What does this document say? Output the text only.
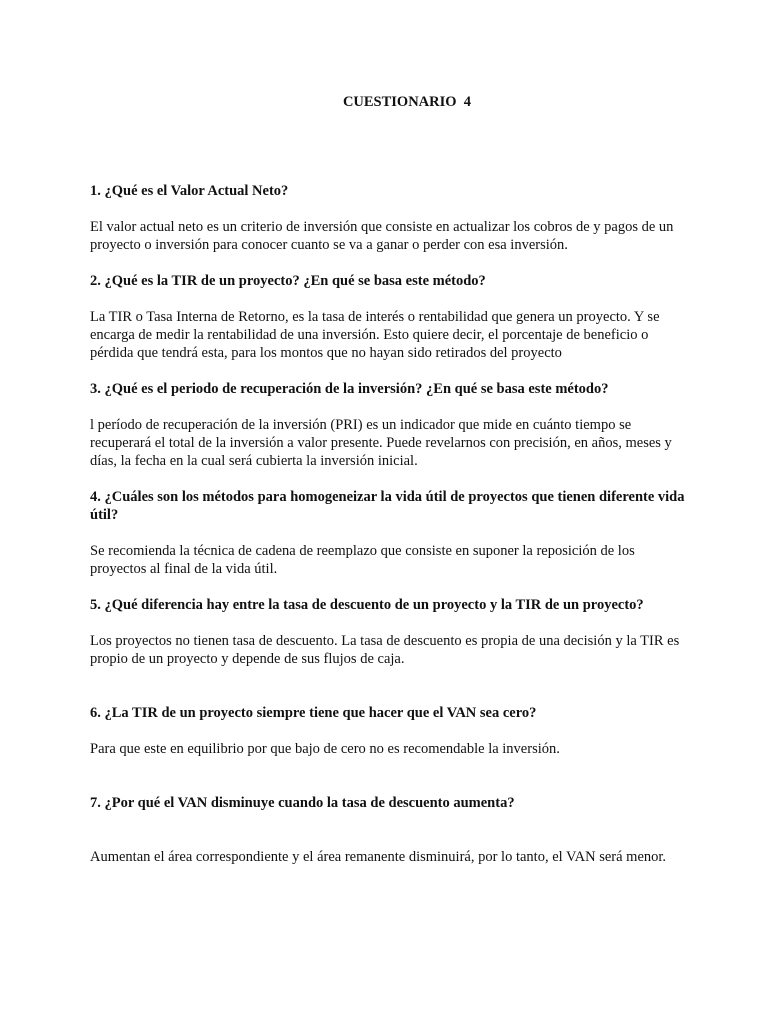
CUESTIONARIO  4

1. ¿Qué es el Valor Actual Neto?

El valor actual neto es un criterio de inversión que consiste en actualizar los cobros de y pagos de un proyecto o inversión para conocer cuanto se va a ganar o perder con esa inversión.

2. ¿Qué es la TIR de un proyecto? ¿En qué se basa este método?

La TIR o Tasa Interna de Retorno, es la tasa de interés o rentabilidad que genera un proyecto. Y se encarga de medir la rentabilidad de una inversión. Esto quiere decir, el porcentaje de beneficio o pérdida que tendrá esta, para los montos que no hayan sido retirados del proyecto

3. ¿Qué es el periodo de recuperación de la inversión? ¿En qué se basa este método?

l período de recuperación de la inversión (PRI) es un indicador que mide en cuánto tiempo se recuperará el total de la inversión a valor presente. Puede revelarnos con precisión, en años, meses y días, la fecha en la cual será cubierta la inversión inicial.

4. ¿Cuáles son los métodos para homogeneizar la vida útil de proyectos que tienen diferente vida útil?

Se recomienda la técnica de cadena de reemplazo que consiste en suponer la reposición de los proyectos al final de la vida útil.

5. ¿Qué diferencia hay entre la tasa de descuento de un proyecto y la TIR de un proyecto?

Los proyectos no tienen tasa de descuento. La tasa de descuento es propia de una decisión y la TIR es propio de un proyecto y depende de sus flujos de caja.

6. ¿La TIR de un proyecto siempre tiene que hacer que el VAN sea cero?

Para que este en equilibrio por que bajo de cero no es recomendable la inversión.

7. ¿Por qué el VAN disminuye cuando la tasa de descuento aumenta?

Aumentan el área correspondiente y el área remanente disminuirá, por lo tanto, el VAN será menor.
